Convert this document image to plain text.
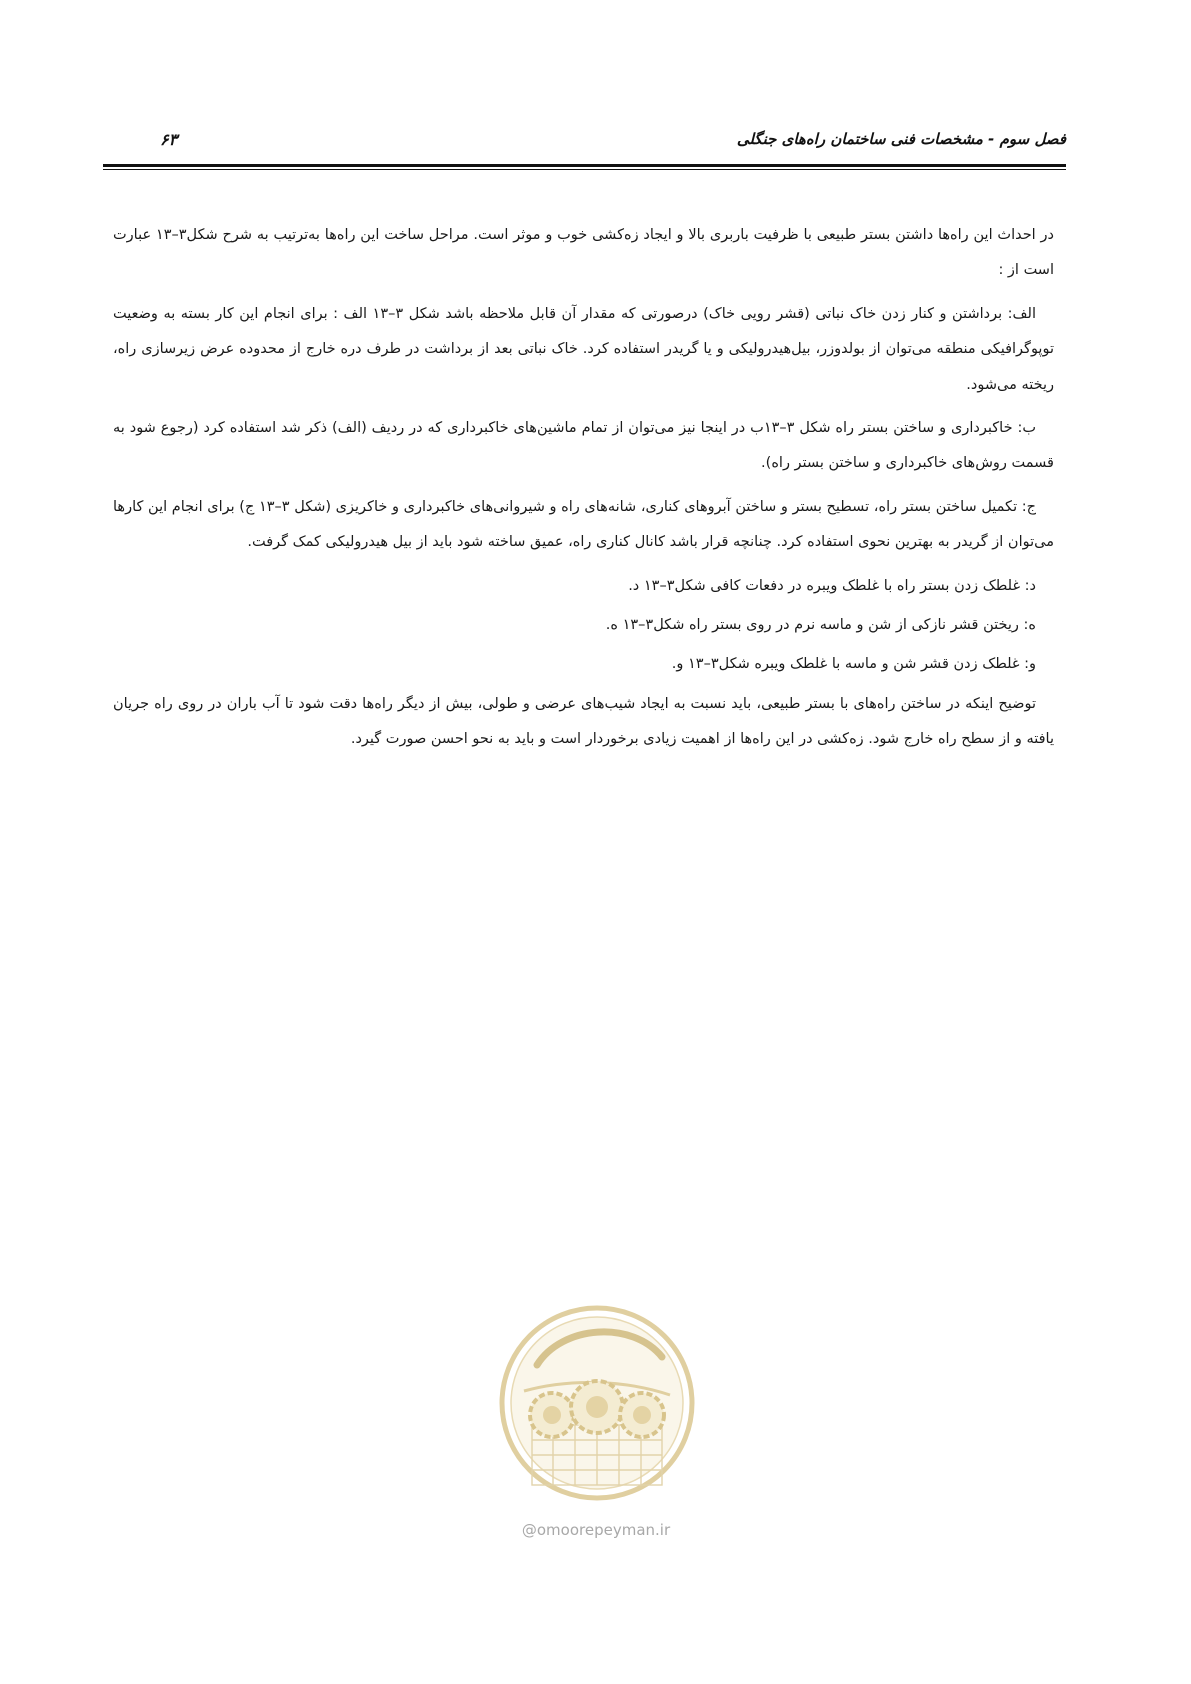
فصل سوم - مشخصات فنی ساختمان راه‌های جنگلی
۶۳

در احداث این راه‌ها داشتن بستر طبیعی با ظرفیت باربری بالا و ایجاد زه‌کشی خوب و موثر است. مراحل ساخت این راه‌ها به‌ترتیب به شرح شکل۳–۱۳ عبارت است از :

الف: برداشتن و کنار زدن خاک نباتی (قشر رویی خاک) درصورتی که مقدار آن قابل ملاحظه باشد شکل ۳–۱۳ الف : برای انجام این کار بسته به وضعیت توپوگرافیکی منطقه می‌توان از بولدوزر، بیل‌هیدرولیکی و یا گریدر استفاده کرد. خاک نباتی بعد از برداشت در طرف دره خارج از محدوده عرض زیرسازی راه، ریخته می‌شود.

ب: خاکبرداری و ساختن بستر راه شکل ۳–۱۳ب در اینجا نیز می‌توان از تمام ماشین‌های خاکبرداری که در ردیف (الف) ذکر شد استفاده کرد (رجوع شود به قسمت روش‌های خاکبرداری و ساختن بستر راه).

ج: تکمیل ساختن بستر راه، تسطیح بستر و ساختن آبروهای کناری، شانه‌های راه و شیروانی‌های خاکبرداری و خاکریزی (شکل ۳–۱۳ ج) برای انجام این کارها می‌توان از گریدر به بهترین نحوی استفاده کرد. چنانچه قرار باشد کانال کناری راه، عمیق ساخته شود باید از بیل هیدرولیکی کمک گرفت.

د: غلطک زدن بستر راه با غلطک ویبره در دفعات کافی شکل۳–۱۳ د.

ه: ریختن قشر نازکی از شن و ماسه نرم در روی بستر راه شکل۳–۱۳ ه.

و: غلطک زدن قشر شن و ماسه با غلطک ویبره شکل۳–۱۳ و.

توضیح اینکه در ساختن راه‌های با بستر طبیعی، باید نسبت به ایجاد شیب‌های عرضی و طولی، بیش از دیگر راه‌ها دقت شود تا آب باران در روی راه جریان یافته و از سطح راه خارج شود. زه‌کشی در این راه‌ها از اهمیت زیادی برخوردار است و باید به نحو احسن صورت گیرد.

@omoorepeyman.ir
